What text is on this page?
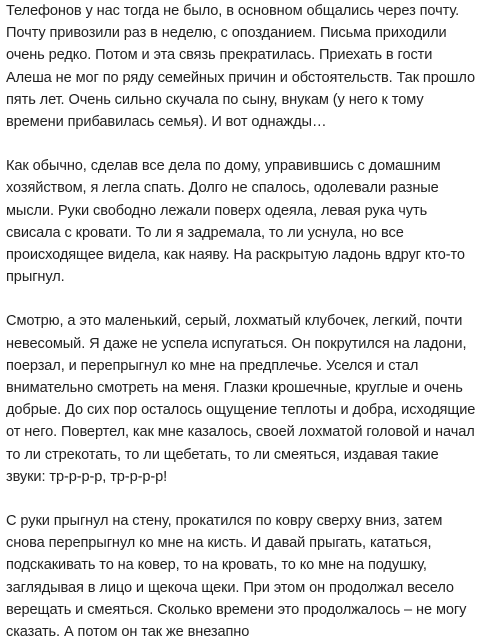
Телефонов у нас тогда не было, в основном общались через почту. Почту привозили раз в неделю, с опозданием. Письма приходили очень редко. Потом и эта связь прекратилась. Приехать в гости Алеша не мог по ряду семейных причин и обстоятельств. Так прошло пять лет. Очень сильно скучала по сыну, внукам (у него к тому времени прибавилась семья). И вот однажды…

Как обычно, сделав все дела по дому, управившись с домашним хозяйством, я легла спать. Долго не спалось, одолевали разные мысли. Руки свободно лежали поверх одеяла, левая рука чуть свисала с кровати. То ли я задремала, то ли уснула, но все происходящее видела, как наяву. На раскрытую ладонь вдруг кто-то прыгнул.

Смотрю, а это маленький, серый, лохматый клубочек, легкий, почти невесомый. Я даже не успела испугаться. Он покрутился на ладони, поерзал, и перепрыгнул ко мне на предплечье. Уселся и стал внимательно смотреть на меня. Глазки крошечные, круглые и очень добрые. До сих пор осталось ощущение теплоты и добра, исходящие от него. Повертел, как мне казалось, своей лохматой головой и начал то ли стрекотать, то ли щебетать, то ли смеяться, издавая такие звуки: тр-р-р-р, тр-р-р-р!

С руки прыгнул на стену, прокатился по ковру сверху вниз, затем снова перепрыгнул ко мне на кисть. И давай прыгать, кататься, подскакивать то на ковер, то на кровать, то ко мне на подушку, заглядывая в лицо и щекоча щеки. При этом он продолжал весело верещать и смеяться. Сколько времени это продолжалось – не могу сказать. А потом он так же внезапно
